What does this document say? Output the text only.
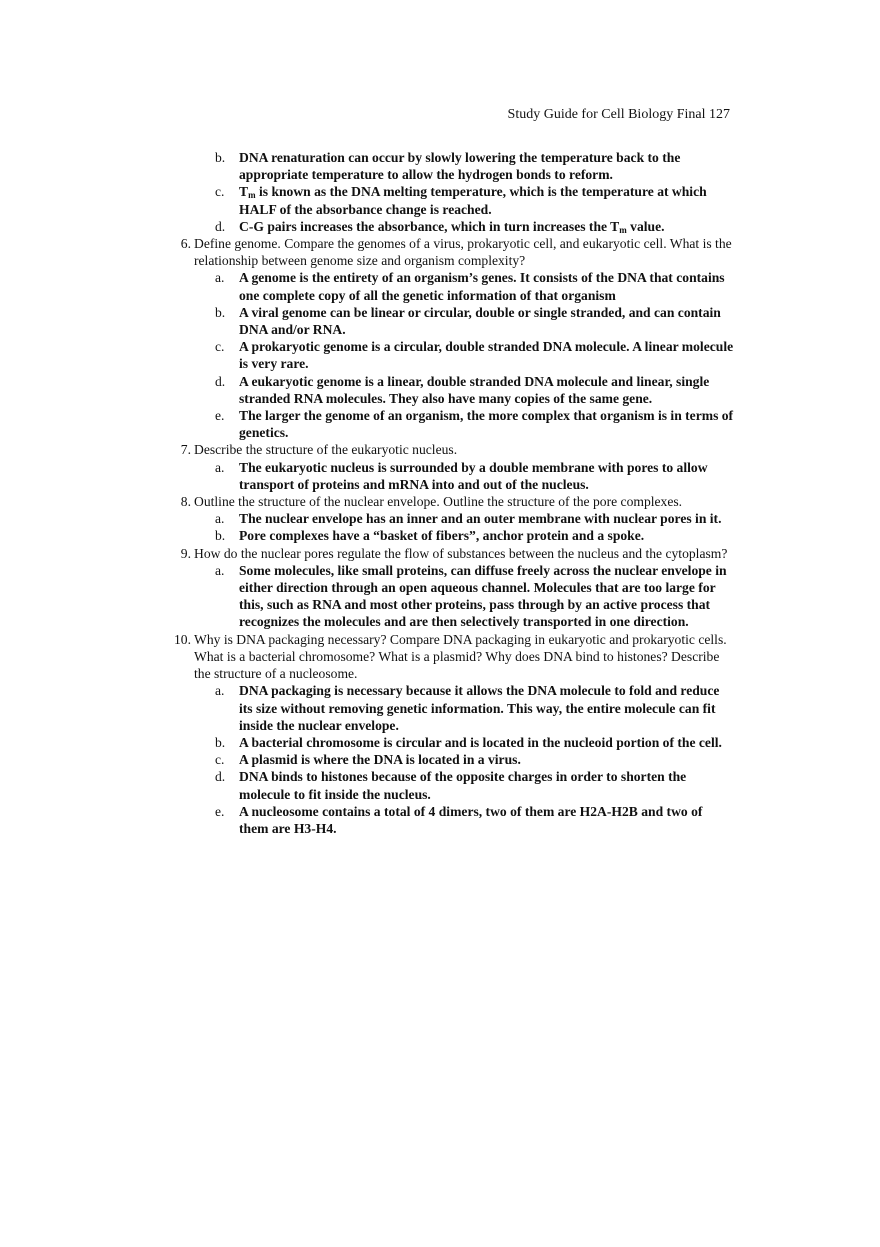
Study Guide for Cell Biology Final 127
b. DNA renaturation can occur by slowly lowering the temperature back to the appropriate temperature to allow the hydrogen bonds to reform.
c. $T_m$ is known as the DNA melting temperature, which is the temperature at which HALF of the absorbance change is reached.
d. C-G pairs increases the absorbance, which in turn increases the $T_m$ value.
6. Define genome. Compare the genomes of a virus, prokaryotic cell, and eukaryotic cell. What is the relationship between genome size and organism complexity?
a. A genome is the entirety of an organism’s genes. It consists of the DNA that contains one complete copy of all the genetic information of that organism
b. A viral genome can be linear or circular, double or single stranded, and can contain DNA and/or RNA.
c. A prokaryotic genome is a circular, double stranded DNA molecule. A linear molecule is very rare.
d. A eukaryotic genome is a linear, double stranded DNA molecule and linear, single stranded RNA molecules. They also have many copies of the same gene.
e. The larger the genome of an organism, the more complex that organism is in terms of genetics.
7. Describe the structure of the eukaryotic nucleus.
a. The eukaryotic nucleus is surrounded by a double membrane with pores to allow transport of proteins and mRNA into and out of the nucleus.
8. Outline the structure of the nuclear envelope. Outline the structure of the pore complexes.
a. The nuclear envelope has an inner and an outer membrane with nuclear pores in it.
b. Pore complexes have a “basket of fibers”, anchor protein and a spoke.
9. How do the nuclear pores regulate the flow of substances between the nucleus and the cytoplasm?
a. Some molecules, like small proteins, can diffuse freely across the nuclear envelope in either direction through an open aqueous channel. Molecules that are too large for this, such as RNA and most other proteins, pass through by an active process that recognizes the molecules and are then selectively transported in one direction.
10. Why is DNA packaging necessary? Compare DNA packaging in eukaryotic and prokaryotic cells. What is a bacterial chromosome? What is a plasmid? Why does DNA bind to histones? Describe the structure of a nucleosome.
a. DNA packaging is necessary because it allows the DNA molecule to fold and reduce its size without removing genetic information. This way, the entire molecule can fit inside the nuclear envelope.
b. A bacterial chromosome is circular and is located in the nucleoid portion of the cell.
c. A plasmid is where the DNA is located in a virus.
d. DNA binds to histones because of the opposite charges in order to shorten the molecule to fit inside the nucleus.
e. A nucleosome contains a total of 4 dimers, two of them are H2A-H2B and two of them are H3-H4.
